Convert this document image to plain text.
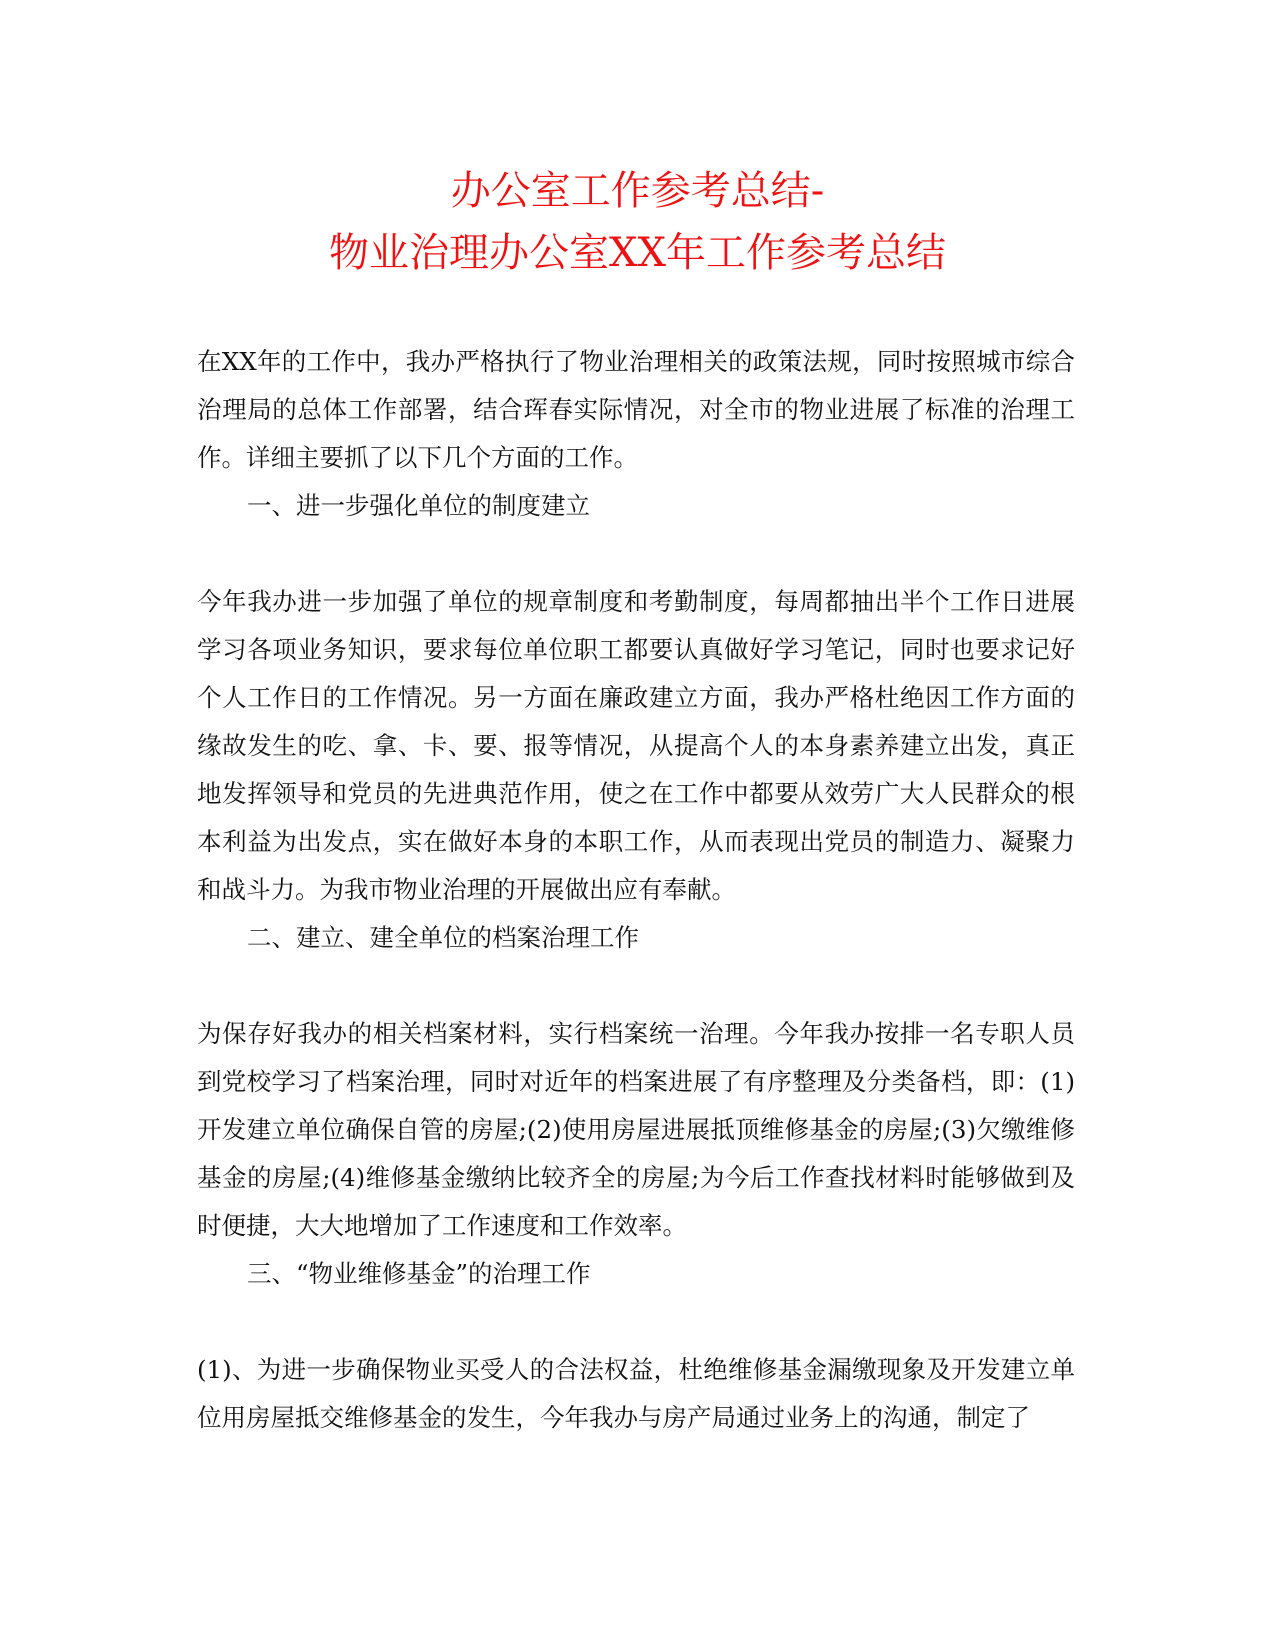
办公室工作参考总结-
物业治理办公室XX年工作参考总结

在XX年的工作中，我办严格执行了物业治理相关的政策法规，同时按照城市综合治理局的总体工作部署，结合珲春实际情况，对全市的物业进展了标准的治理工作。详细主要抓了以下几个方面的工作。

一、进一步强化单位的制度建立

今年我办进一步加强了单位的规章制度和考勤制度，每周都抽出半个工作日进展学习各项业务知识，要求每位单位职工都要认真做好学习笔记，同时也要求记好个人工作日的工作情况。另一方面在廉政建立方面，我办严格杜绝因工作方面的缘故发生的吃、拿、卡、要、报等情况，从提高个人的本身素养建立出发，真正地发挥领导和党员的先进典范作用，使之在工作中都要从效劳广大人民群众的根本利益为出发点，实在做好本身的本职工作，从而表现出党员的制造力、凝聚力和战斗力。为我市物业治理的开展做出应有奉献。

二、建立、建全单位的档案治理工作

为保存好我办的相关档案材料，实行档案统一治理。今年我办按排一名专职人员到党校学习了档案治理，同时对近年的档案进展了有序整理及分类备档，即：(1)开发建立单位确保自管的房屋;(2)使用房屋进展抵顶维修基金的房屋;(3)欠缴维修基金的房屋;(4)维修基金缴纳比较齐全的房屋;为今后工作查找材料时能够做到及时便捷，大大地增加了工作速度和工作效率。

三、“物业维修基金”的治理工作

(1)、为进一步确保物业买受人的合法权益，杜绝维修基金漏缴现象及开发建立单位用房屋抵交维修基金的发生，今年我办与房产局通过业务上的沟通，制定了
